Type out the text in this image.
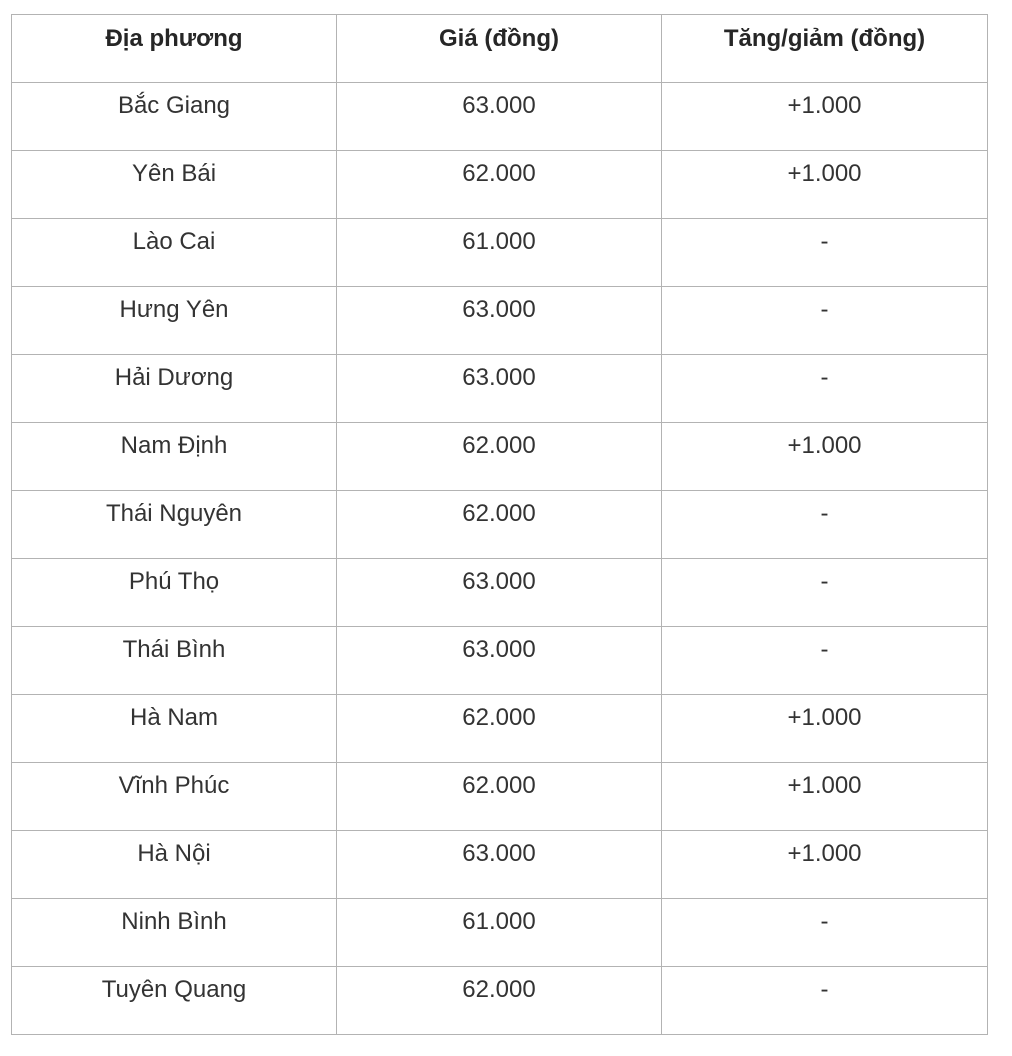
Địa phương	Giá (đồng)	Tăng/giảm (đồng)

Bắc Giang	63.000	+1.000

Yên Bái	62.000	+1.000

Lào Cai	61.000	-

Hưng Yên	63.000	-

Hải Dương	63.000	-

Nam Định	62.000	+1.000

Thái Nguyên	62.000	-

Phú Thọ	63.000	-

Thái Bình	63.000	-

Hà Nam	62.000	+1.000

Vĩnh Phúc	62.000	+1.000

Hà Nội	63.000	+1.000

Ninh Bình	61.000	-

Tuyên Quang	62.000	-
